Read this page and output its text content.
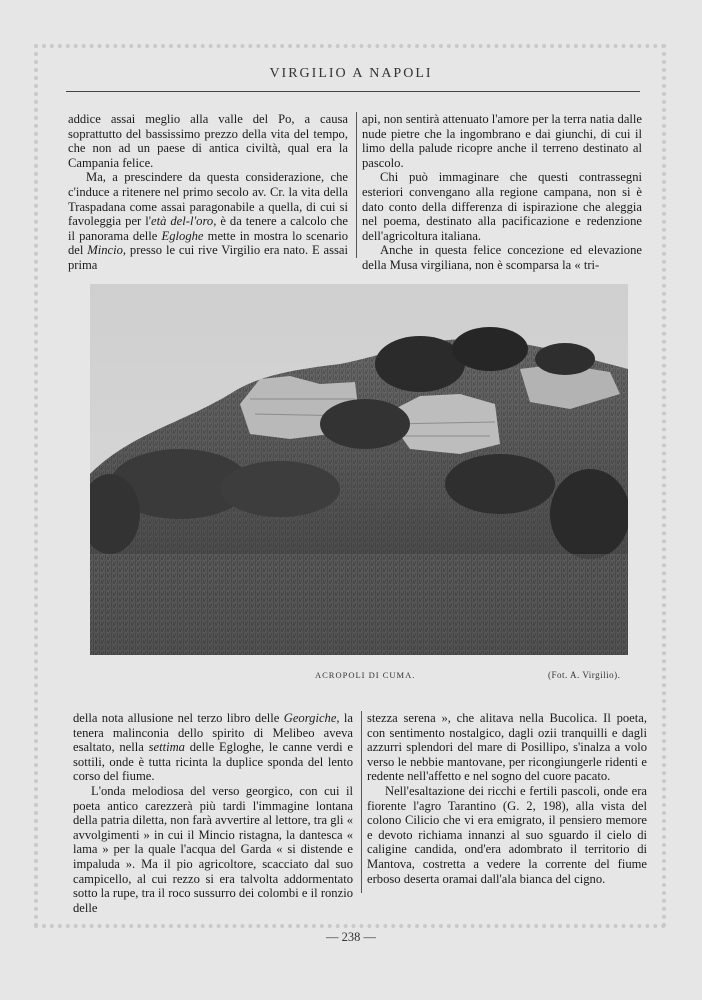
VIRGILIO A NAPOLI

addice assai meglio alla valle del Po, a causa soprattutto del bassissimo prezzo della vita del tempo, che non ad un paese di antica civiltà, qual era la Campania felice.

Ma, a prescindere da questa considerazione, che c'induce a ritenere nel primo secolo av. Cr. la vita della Traspadana come assai paragonabile a quella, di cui si favoleggia per l'età del-l'oro, è da tenere a calcolo che il panorama delle Egloghe mette in mostra lo scenario del Mincio, presso le cui rive Virgilio era nato. E assai prima

api, non sentirà attenuato l'amore per la terra natia dalle nude pietre che la ingombrano e dai giunchi, di cui il limo della palude ricopre anche il terreno destinato al pascolo.

Chi può immaginare che questi contrassegni esteriori convengano alla regione campana, non si è dato conto della differenza di ispirazione che aleggia nel poema, destinato alla pacificazione e redenzione dell'agricoltura italiana.

Anche in questa felice concezione ed elevazione della Musa virgiliana, non è scomparsa la « tri-

ACROPOLI DI CUMA.	(Fot. A. Virgilio).

della nota allusione nel terzo libro delle Georgiche, la tenera malinconia dello spirito di Melibeo aveva esaltato, nella settima delle Egloghe, le canne verdi e sottili, onde è tutta ricinta la duplice sponda del lento corso del fiume.

L'onda melodiosa del verso georgico, con cui il poeta antico carezzerà più tardi l'immagine lontana della patria diletta, non farà avvertire al lettore, tra gli « avvolgimenti » in cui il Mincio ristagna, la dantesca « lama » per la quale l'acqua del Garda « si distende e impaluda ». Ma il pio agricoltore, scacciato dal suo campicello, al cui rezzo si era talvolta addormentato sotto la rupe, tra il roco sussurro dei colombi e il ronzio delle

stezza serena », che alitava nella Bucolica. Il poeta, con sentimento nostalgico, dagli ozii tranquilli e dagli azzurri splendori del mare di Posillipo, s'inalza a volo verso le nebbie mantovane, per ricongiungerle ridenti e redente nell'affetto e nel sogno del cuore pacato.

Nell'esaltazione dei ricchi e fertili pascoli, onde era fiorente l'agro Tarantino (G. 2, 198), alla vista del colono Cilicio che vi era emigrato, il pensiero memore e devoto richiama innanzi al suo sguardo il cielo di caligine candida, ond'era adombrato il territorio di Mantova, costretta a vedere la corrente del fiume erboso deserta oramai dall'ala bianca del cigno.

— 238 —
